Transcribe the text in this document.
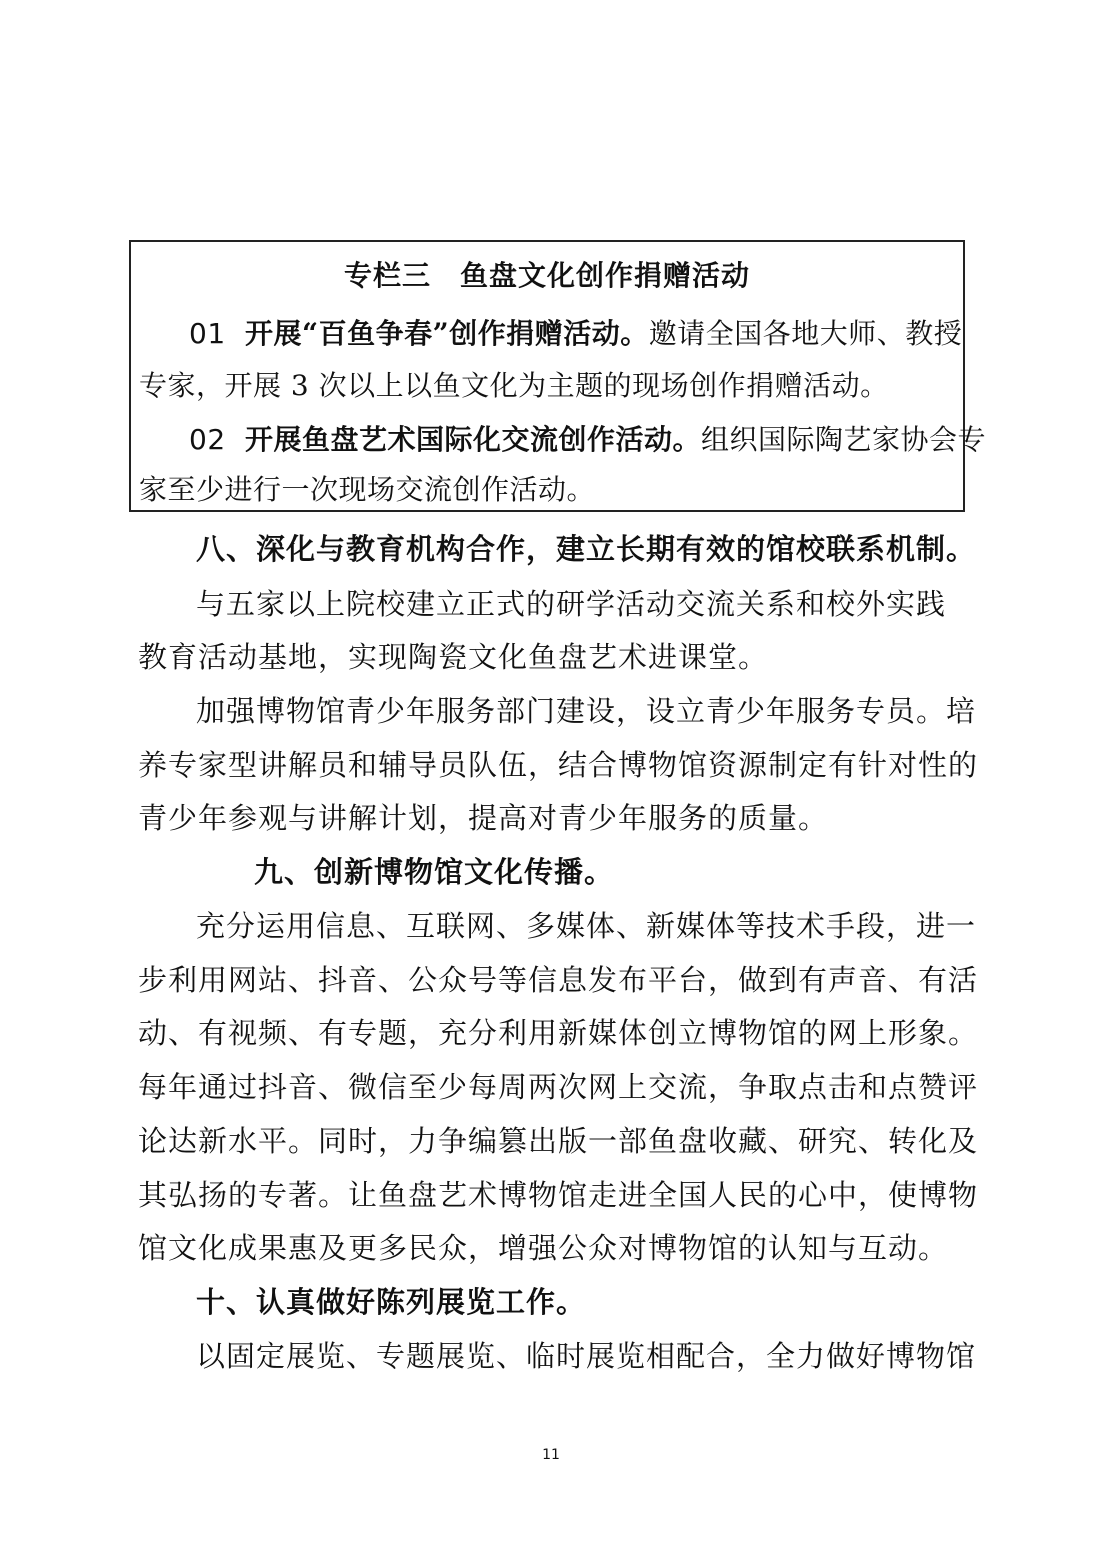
专栏三　鱼盘文化创作捐赠活动
01 开展“百鱼争春”创作捐赠活动。邀请全国各地大师、教授
专家，开展 3 次以上以鱼文化为主题的现场创作捐赠活动。
02 开展鱼盘艺术国际化交流创作活动。组织国际陶艺家协会专
家至少进行一次现场交流创作活动。
八、深化与教育机构合作，建立长期有效的馆校联系机制。
与五家以上院校建立正式的研学活动交流关系和校外实践
教育活动基地，实现陶瓷文化鱼盘艺术进课堂。
加强博物馆青少年服务部门建设，设立青少年服务专员。培
养专家型讲解员和辅导员队伍，结合博物馆资源制定有针对性的
青少年参观与讲解计划，提高对青少年服务的质量。
九、创新博物馆文化传播。
充分运用信息、互联网、多媒体、新媒体等技术手段，进一
步利用网站、抖音、公众号等信息发布平台，做到有声音、有活
动、有视频、有专题，充分利用新媒体创立博物馆的网上形象。
每年通过抖音、微信至少每周两次网上交流，争取点击和点赞评
论达新水平。同时，力争编篡出版一部鱼盘收藏、研究、转化及
其弘扬的专著。让鱼盘艺术博物馆走进全国人民的心中，使博物
馆文化成果惠及更多民众，增强公众对博物馆的认知与互动。
十、认真做好陈列展览工作。
以固定展览、专题展览、临时展览相配合，全力做好博物馆
11
